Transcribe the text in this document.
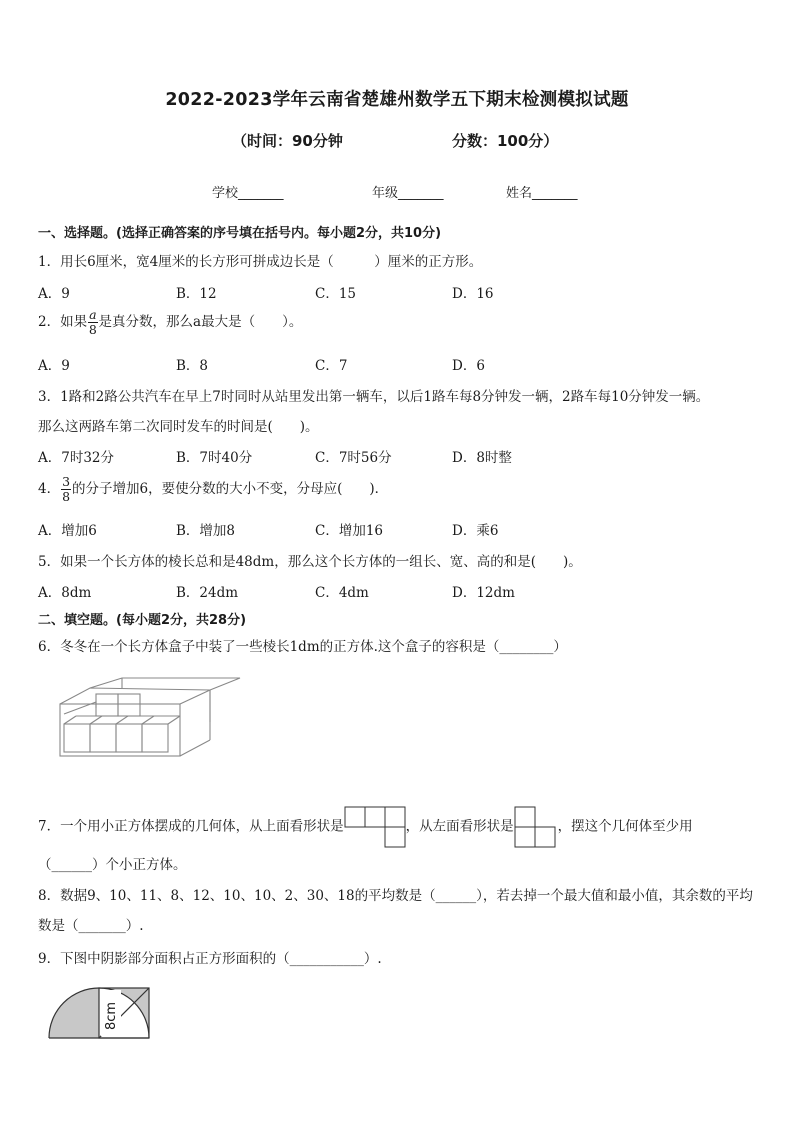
2022-2023学年云南省楚雄州数学五下期末检测模拟试题
（时间：90分钟	分数：100分）
学校_______	年级_______	姓名_______
一、选择题。(选择正确答案的序号填在括号内。每小题2分，共10分)
1．用长6厘米，宽4厘米的长方形可拼成边长是（　　　）厘米的正方形。
A．9	B．12	C．15	D．16
2．如果 $\frac{a}{8}$ 是真分数，那么a最大是（　　）。
A．9	B．8	C．7	D．6
3．1路和2路公共汽车在早上7时同时从站里发出第一辆车，以后1路车每8分钟发一辆，2路车每10分钟发一辆。
那么这两路车第二次同时发车的时间是(　　)。
A．7时32分	B．7时40分	C．7时56分	D．8时整
4． $\frac{3}{8}$ 的分子增加6，要使分数的大小不变，分母应(　　)．
A．增加6	B．增加8	C．增加16	D．乘6
5．如果一个长方体的棱长总和是48dm，那么这个长方体的一组长、宽、高的和是(　　)。
A．8dm	B．24dm	C．4dm	D．12dm
二、填空题。(每小题2分，共28分)
6．冬冬在一个长方体盒子中装了一些棱长1dm的正方体.这个盒子的容积是（________）
7．一个用小正方体摆成的几何体，从上面看形状是	，从左面看形状是	，摆这个几何体至少用
（______）个小正方体。
8．数据9、10、11、8、12、10、10、2、30、18的平均数是（______），若去掉一个最大值和最小值，其余数的平均
数是（_______）.
9．下图中阴影部分面积占正方形面积的（___________）.
8cm
